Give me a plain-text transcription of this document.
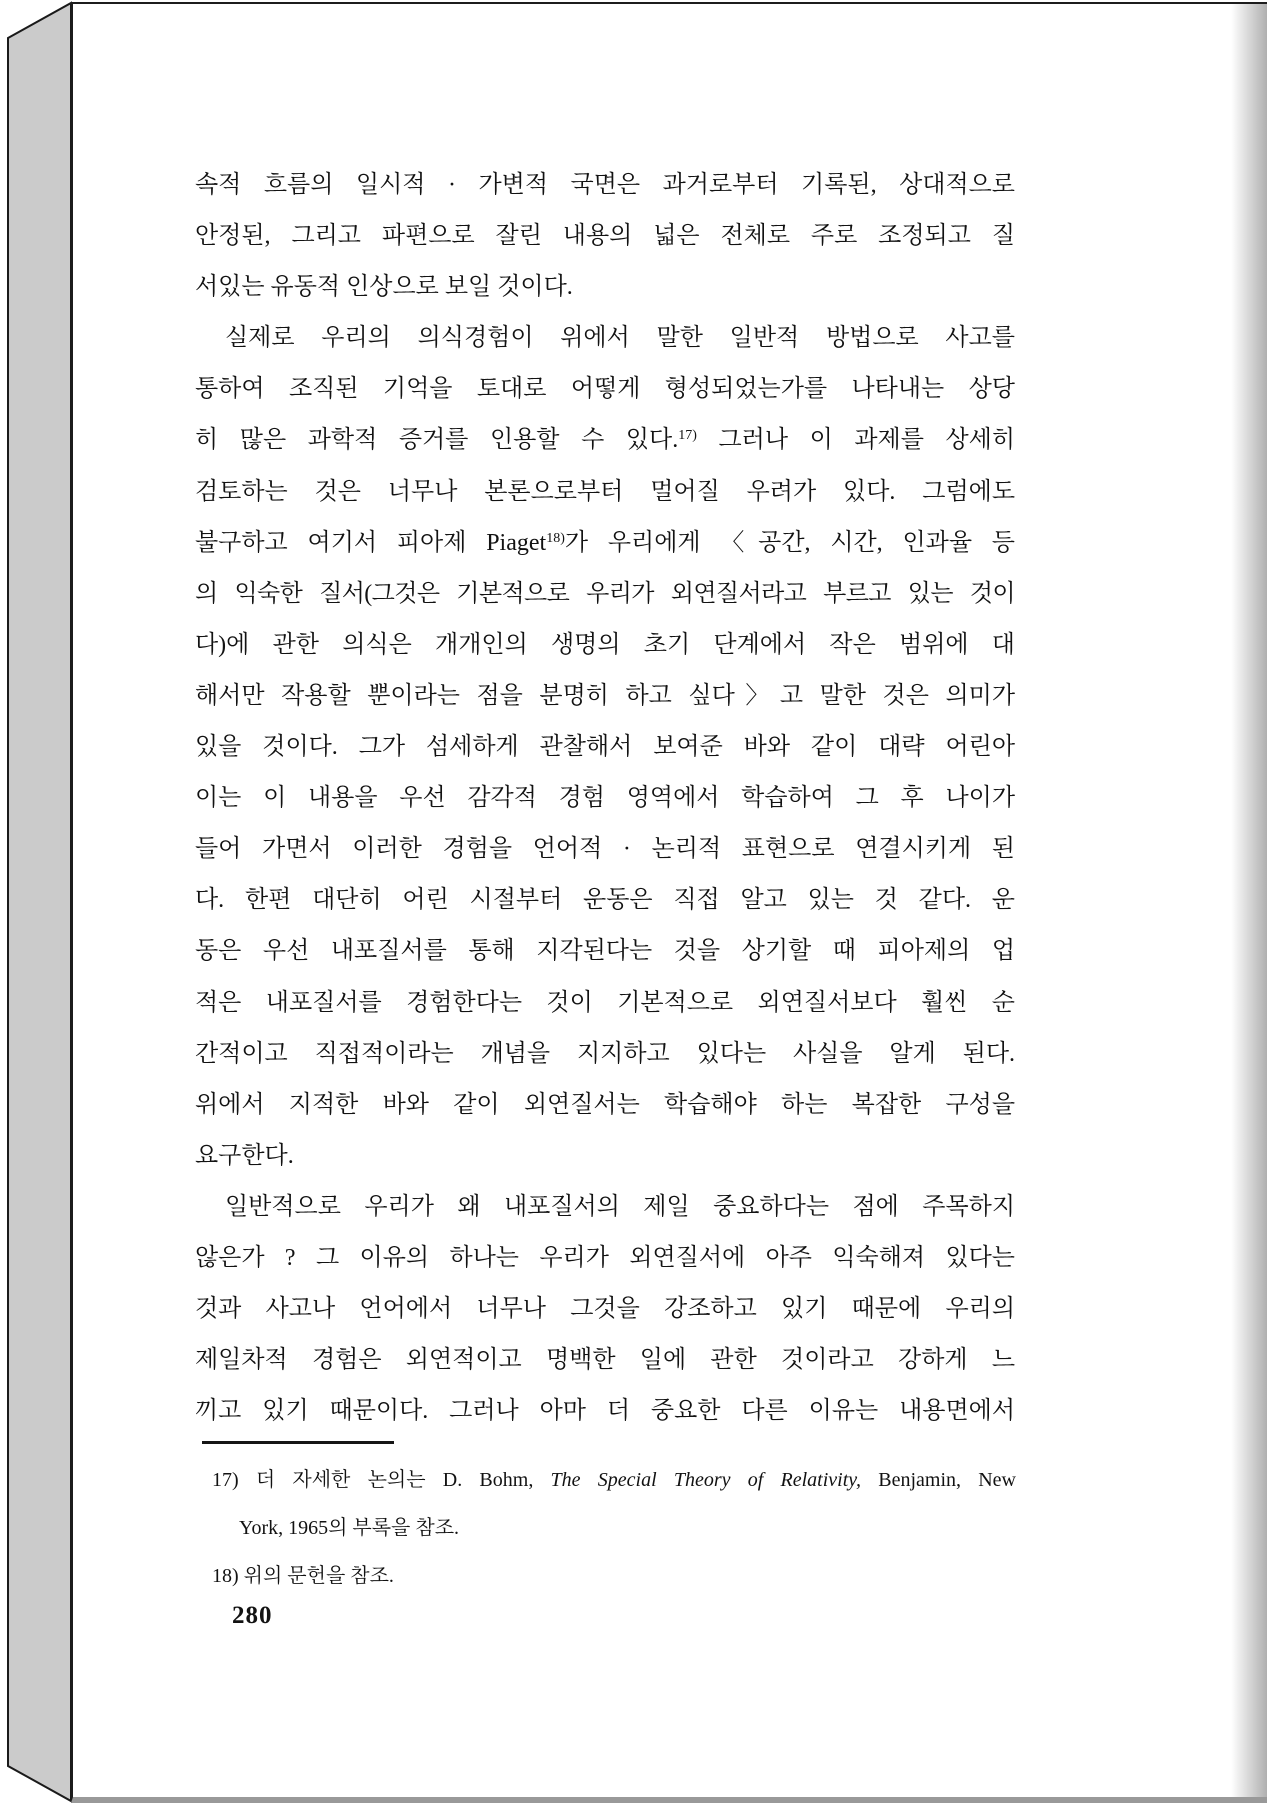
속적 흐름의 일시적 · 가변적 국면은 과거로부터 기록된, 상대적으로
안정된, 그리고 파편으로 잘린 내용의 넓은 전체로 주로 조정되고 질
서있는 유동적 인상으로 보일 것이다.
실제로 우리의 의식경험이 위에서 말한 일반적 방법으로 사고를
통하여 조직된 기억을 토대로 어떻게 형성되었는가를 나타내는 상당
히 많은 과학적 증거를 인용할 수 있다.$^{17)}$ 그러나 이 과제를 상세히
검토하는 것은 너무나 본론으로부터 멀어질 우려가 있다. 그럼에도
불구하고 여기서 피아제 Piaget$^{18)}$가 우리에게 〈공간, 시간, 인과율 등
의 익숙한 질서(그것은 기본적으로 우리가 외연질서라고 부르고 있는 것이
다)에 관한 의식은 개개인의 생명의 초기 단계에서 작은 범위에 대
해서만 작용할 뿐이라는 점을 분명히 하고 싶다〉고 말한 것은 의미가
있을 것이다. 그가 섬세하게 관찰해서 보여준 바와 같이 대략 어린아
이는 이 내용을 우선 감각적 경험 영역에서 학습하여 그 후 나이가
들어 가면서 이러한 경험을 언어적 · 논리적 표현으로 연결시키게 된
다. 한편 대단히 어린 시절부터 운동은 직접 알고 있는 것 같다. 운
동은 우선 내포질서를 통해 지각된다는 것을 상기할 때 피아제의 업
적은 내포질서를 경험한다는 것이 기본적으로 외연질서보다 훨씬 순
간적이고 직접적이라는 개념을 지지하고 있다는 사실을 알게 된다.
위에서 지적한 바와 같이 외연질서는 학습해야 하는 복잡한 구성을
요구한다.
일반적으로 우리가 왜 내포질서의 제일 중요하다는 점에 주목하지
않은가 ? 그 이유의 하나는 우리가 외연질서에 아주 익숙해져 있다는
것과 사고나 언어에서 너무나 그것을 강조하고 있기 때문에 우리의
제일차적 경험은 외연적이고 명백한 일에 관한 것이라고 강하게 느
끼고 있기 때문이다. 그러나 아마 더 중요한 다른 이유는 내용면에서
17) 더 자세한 논의는 D. Bohm, The Special Theory of Relativity, Benjamin, New
York, 1965의 부록을 참조.
18) 위의 문헌을 참조.
280
